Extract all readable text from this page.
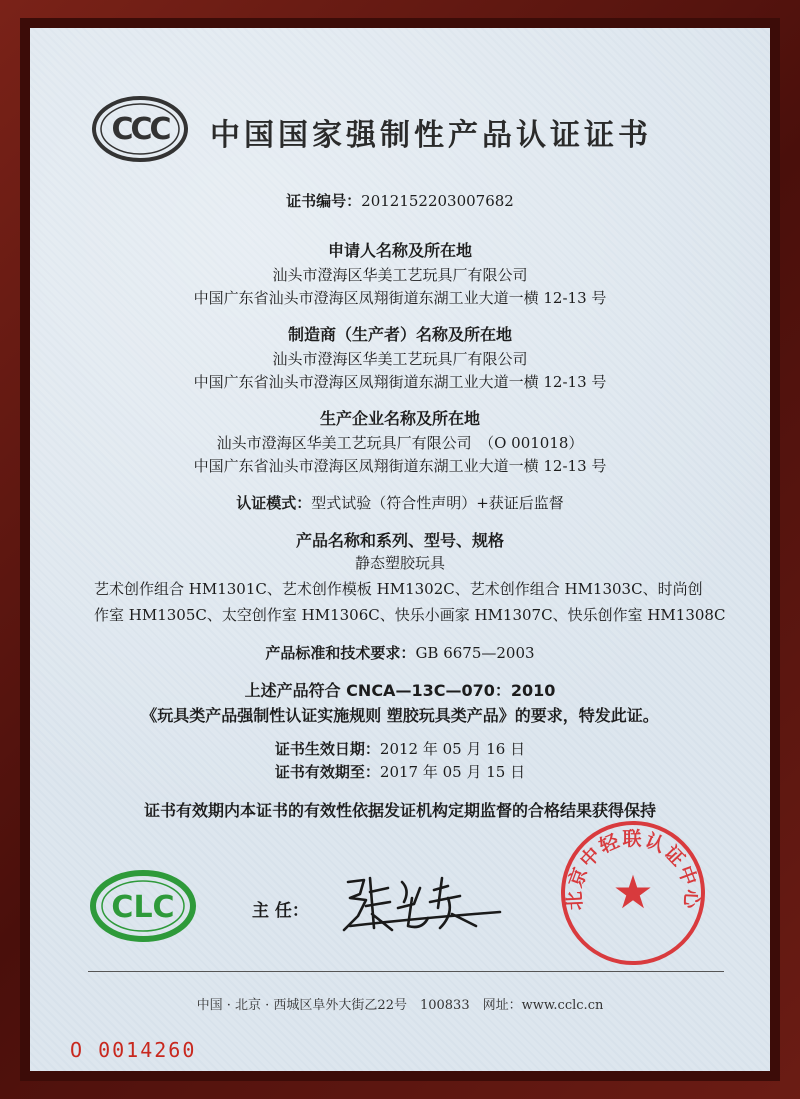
CCC 中国国家强制性产品认证证书
证书编号：2012152203007682
申请人名称及所在地
汕头市澄海区华美工艺玩具厂有限公司
中国广东省汕头市澄海区凤翔街道东湖工业大道一横 12-13 号
制造商（生产者）名称及所在地
汕头市澄海区华美工艺玩具厂有限公司
中国广东省汕头市澄海区凤翔街道东湖工业大道一横 12-13 号
生产企业名称及所在地
汕头市澄海区华美工艺玩具厂有限公司　 （O 001018）
中国广东省汕头市澄海区凤翔街道东湖工业大道一横 12-13 号
认证模式：型式试验（符合性声明）+获证后监督
产品名称和系列、型号、规格
静态塑胶玩具
艺术创作组合 HM1301C、艺术创作模板 HM1302C、艺术创作组合 HM1303C、时尚创
作室 HM1305C、太空创作室 HM1306C、快乐小画家 HM1307C、快乐创作室 HM1308C
产品标准和技术要求：GB 6675—2003
上述产品符合 CNCA—13C—070：2010
《玩具类产品强制性认证实施规则 塑胶玩具类产品》的要求，特发此证。
证书生效日期：2012 年 05 月 16 日
证书有效期至：2017 年 05 月 15 日
证书有效期内本证书的有效性依据发证机构定期监督的合格结果获得保持
CLC	主 任：
北京中轻联认证中心
★
中国 · 北京 · 西城区阜外大街乙22号　100833　网址：www.cclc.cn
O 0014260
